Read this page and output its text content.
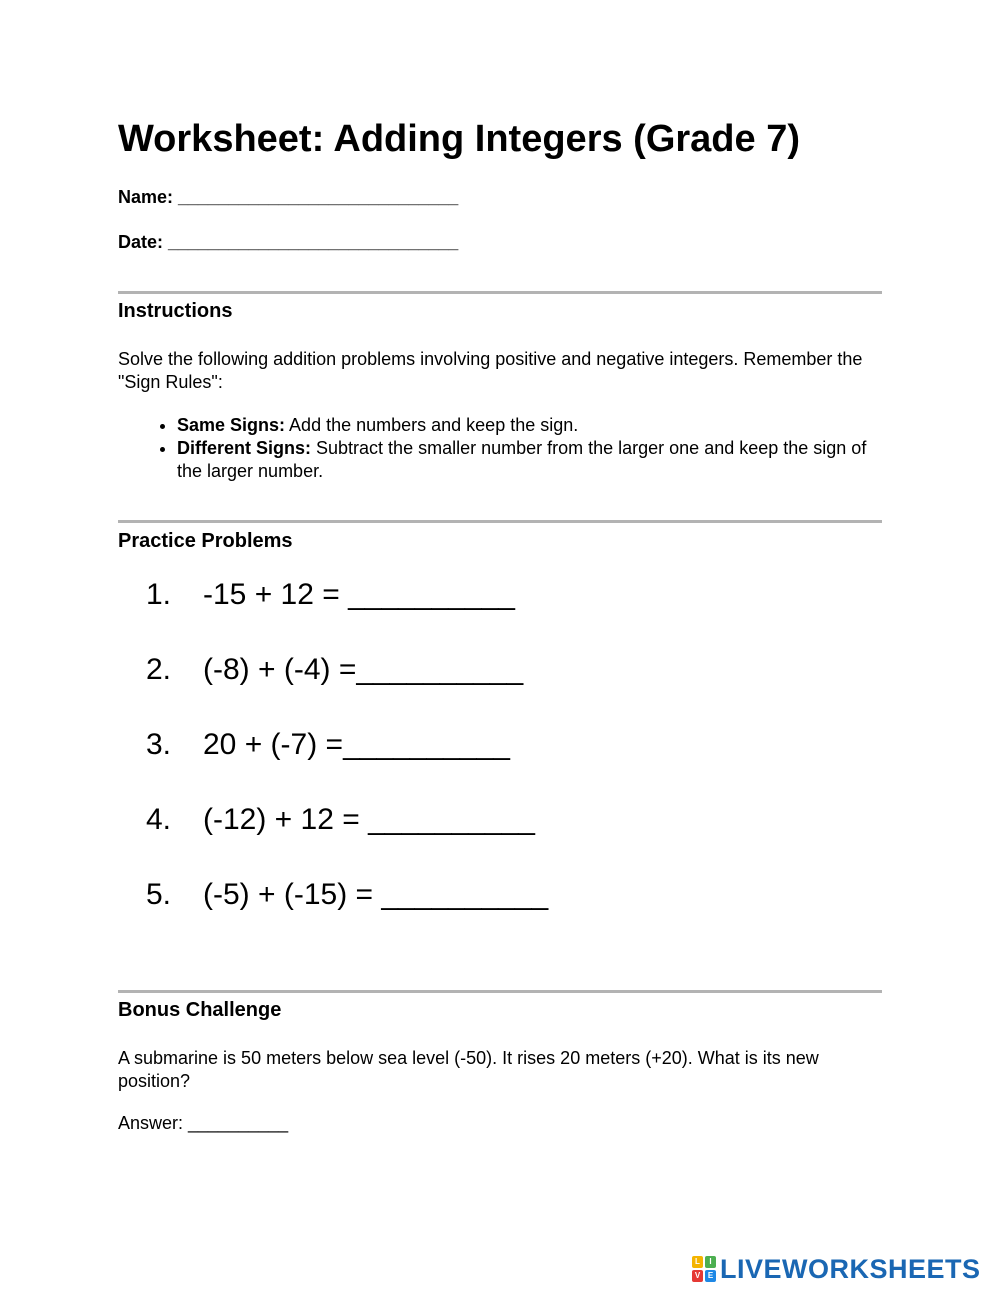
Worksheet: Adding Integers (Grade 7)
Name: ____________________________
Date: _____________________________
Instructions
Solve the following addition problems involving positive and negative integers. Remember the "Sign Rules":
• Same Signs: Add the numbers and keep the sign.
• Different Signs: Subtract the smaller number from the larger one and keep the sign of the larger number.
Practice Problems
1. -15 + 12 = __________
2. (-8) + (-4) =__________
3. 20 + (-7) =__________
4. (-12) + 12 = __________
5. (-5) + (-15) = __________
Bonus Challenge
A submarine is 50 meters below sea level (-50). It rises 20 meters (+20). What is its new position?
Answer: __________
L	I
V E LIVEWORKSHEETS
